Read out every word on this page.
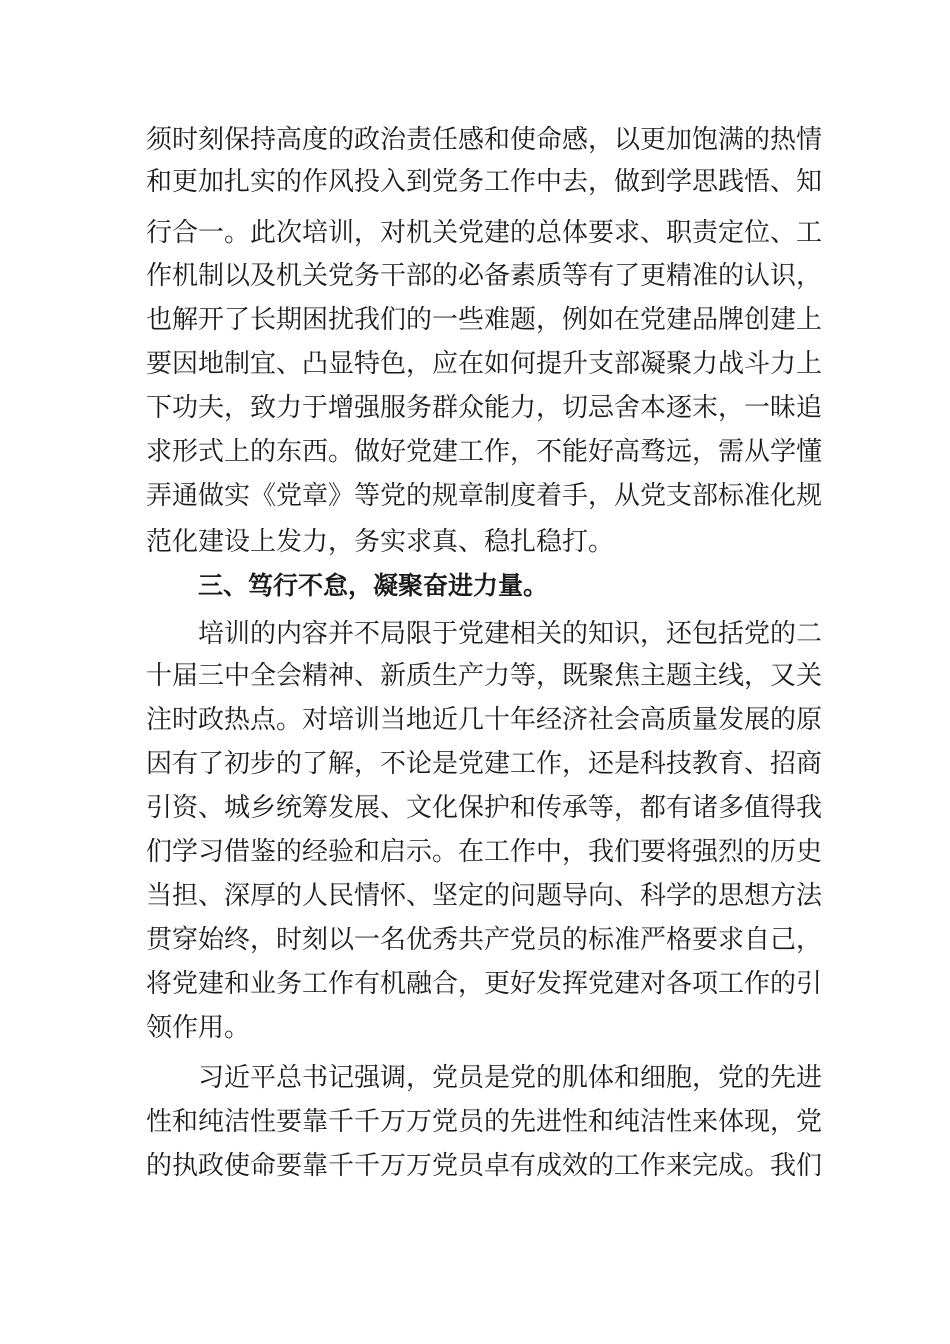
须时刻保持高度的政治责任感和使命感，以更加饱满的热情
和更加扎实的作风投入到党务工作中去，做到学思践悟、知
行合一。此次培训，对机关党建的总体要求、职责定位、工
作机制以及机关党务干部的必备素质等有了更精准的认识，
也解开了长期困扰我们的一些难题，例如在党建品牌创建上
要因地制宜、凸显特色，应在如何提升支部凝聚力战斗力上
下功夫，致力于增强服务群众能力，切忌舍本逐末，一昧追
求形式上的东西。做好党建工作，不能好高骛远，需从学懂
弄通做实《党章》等党的规章制度着手，从党支部标准化规
范化建设上发力，务实求真、稳扎稳打。
三、笃行不怠，凝聚奋进力量。
培训的内容并不局限于党建相关的知识，还包括党的二
十届三中全会精神、新质生产力等，既聚焦主题主线，又关
注时政热点。对培训当地近几十年经济社会高质量发展的原
因有了初步的了解，不论是党建工作，还是科技教育、招商
引资、城乡统筹发展、文化保护和传承等，都有诸多值得我
们学习借鉴的经验和启示。在工作中，我们要将强烈的历史
当担、深厚的人民情怀、坚定的问题导向、科学的思想方法
贯穿始终，时刻以一名优秀共产党员的标准严格要求自己，
将党建和业务工作有机融合，更好发挥党建对各项工作的引
领作用。
习近平总书记强调，党员是党的肌体和细胞，党的先进
性和纯洁性要靠千千万万党员的先进性和纯洁性来体现，党
的执政使命要靠千千万万党员卓有成效的工作来完成。我们
